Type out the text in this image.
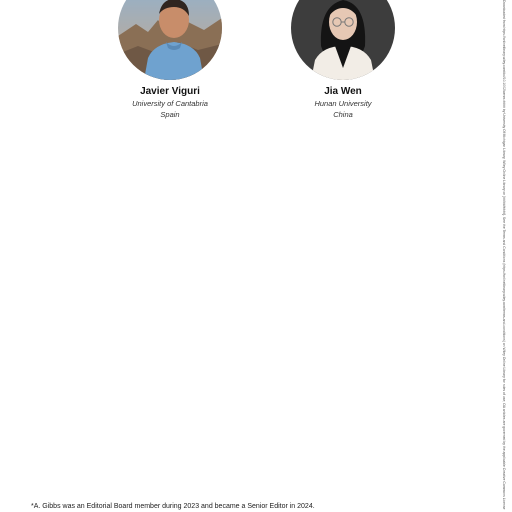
Javier Viguri
University of Cantabria
Spain
Jia Wen
Hunan University
China
*A. Gibbs was an Editorial Board member during 2023 and became a Senior Editor in 2024.	Downloaded from https://onlinelibrary.wiley.com/doi/10.1002/aenm.#### by University Of Michigan Library, Wiley Online Library on [##/##/####]. See the Terms and Conditions (https://onlinelibrary.wiley.com/terms-and-conditions) on Wiley Online Library for rules of use; OA articles are governed by the applicable Creative Commons License
